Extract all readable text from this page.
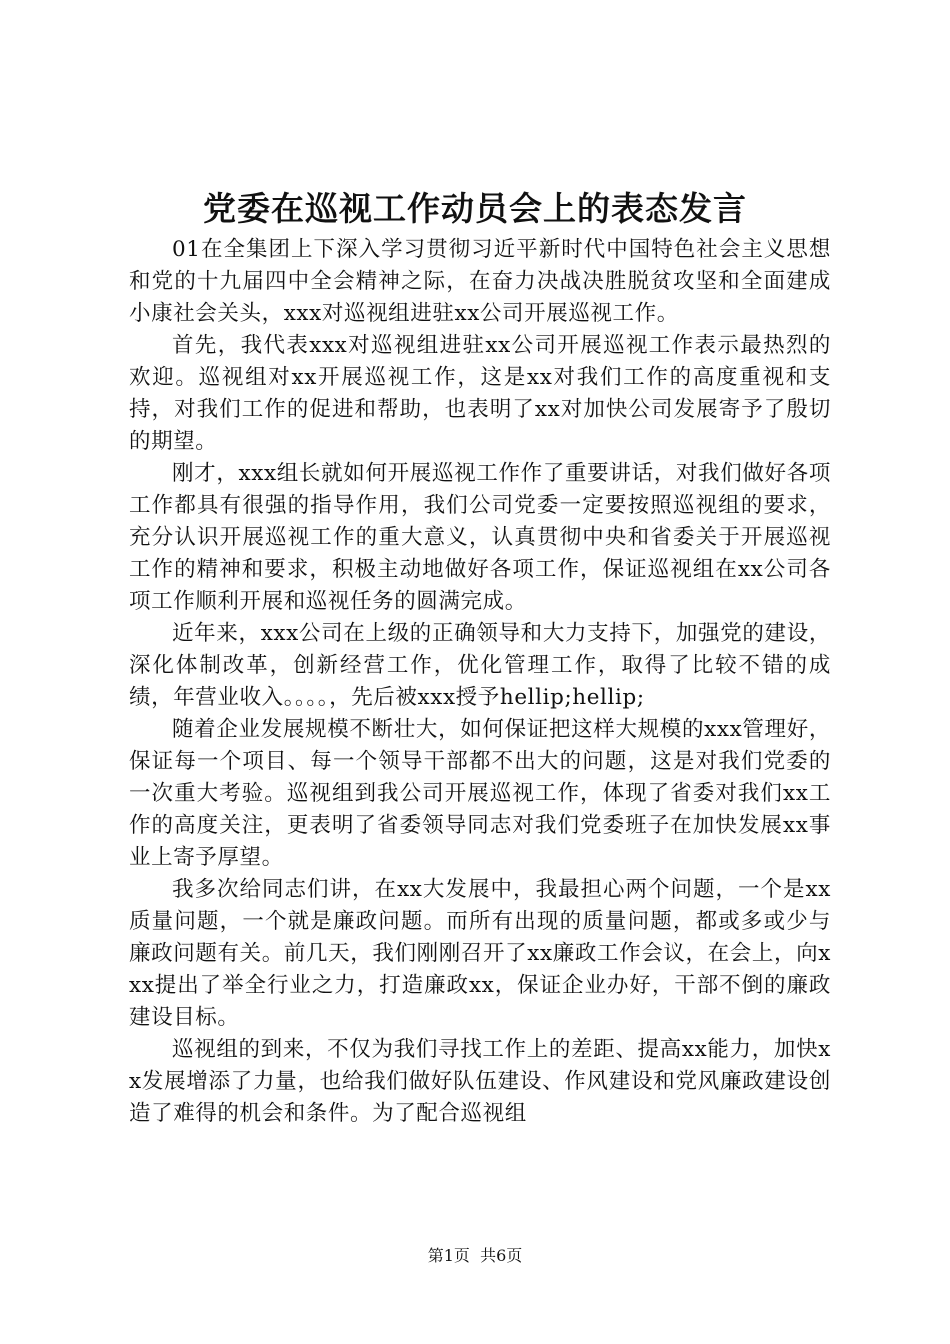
党委在巡视工作动员会上的表态发言

01在全集团上下深入学习贯彻习近平新时代中国特色社会主义思想和党的十九届四中全会精神之际，在奋力决战决胜脱贫攻坚和全面建成小康社会关头，xxx对巡视组进驻xx公司开展巡视工作。

首先，我代表xxx对巡视组进驻xx公司开展巡视工作表示最热烈的欢迎。巡视组对xx开展巡视工作，这是xx对我们工作的高度重视和支持，对我们工作的促进和帮助，也表明了xx对加快公司发展寄予了殷切的期望。

刚才，xxx组长就如何开展巡视工作作了重要讲话，对我们做好各项工作都具有很强的指导作用，我们公司党委一定要按照巡视组的要求，充分认识开展巡视工作的重大意义，认真贯彻中央和省委关于开展巡视工作的精神和要求，积极主动地做好各项工作，保证巡视组在xx公司各项工作顺利开展和巡视任务的圆满完成。

近年来，xxx公司在上级的正确领导和大力支持下，加强党的建设，深化体制改革，创新经营工作，优化管理工作，取得了比较不错的成绩，年营业收入。。。。，先后被xxx授予hellip;hellip;

随着企业发展规模不断壮大，如何保证把这样大规模的xxx管理好，保证每一个项目、每一个领导干部都不出大的问题，这是对我们党委的一次重大考验。巡视组到我公司开展巡视工作，体现了省委对我们xx工作的高度关注，更表明了省委领导同志对我们党委班子在加快发展xx事业上寄予厚望。

我多次给同志们讲，在xx大发展中，我最担心两个问题，一个是xx质量问题，一个就是廉政问题。而所有出现的质量问题，都或多或少与廉政问题有关。前几天，我们刚刚召开了xx廉政工作会议，在会上，向xxx提出了举全行业之力，打造廉政xx，保证企业办好，干部不倒的廉政建设目标。

巡视组的到来，不仅为我们寻找工作上的差距、提高xx能力，加快xx发展增添了力量，也给我们做好队伍建设、作风建设和党风廉政建设创造了难得的机会和条件。为了配合巡视组

第1页 共6页
